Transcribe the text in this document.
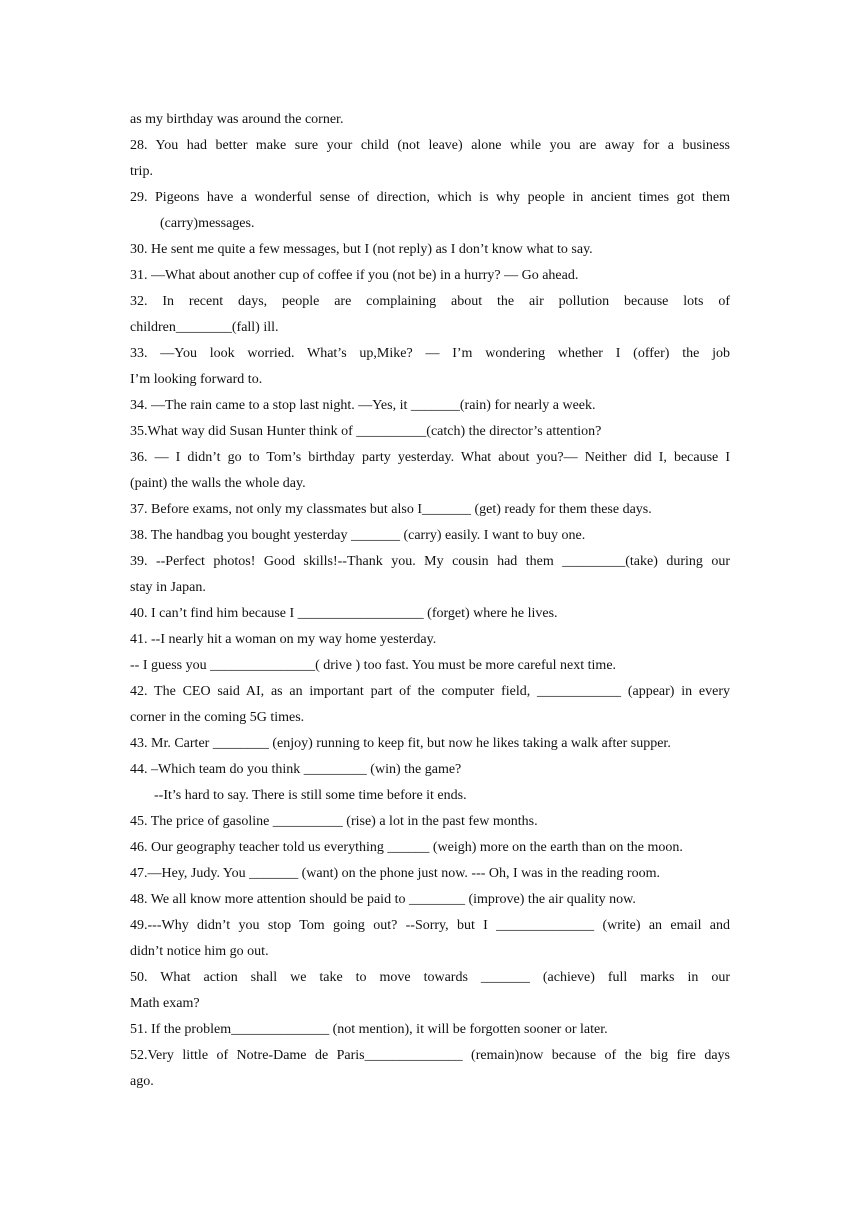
as my birthday was around the corner.
28. You had better make sure your child (not leave) alone while you are away for a business
trip.
29. Pigeons have a wonderful sense of direction, which is why people in ancient times got them
(carry)messages.
30. He sent me quite a few messages, but I (not reply) as I don’t know what to say.
31. —What about another cup of coffee if you (not be) in a hurry? — Go ahead.
32. In recent days, people are complaining about the air pollution because lots of
children________(fall) ill.
33. —You look worried. What’s up,Mike? — I’m wondering whether I (offer) the job
I’m looking forward to.
34. —The rain came to a stop last night. —Yes, it _______(rain) for nearly a week.
35.What way did Susan Hunter think of __________(catch) the director’s attention?
36. — I didn’t go to Tom’s birthday party yesterday. What about you?— Neither did I, because I
(paint) the walls the whole day.
37. Before exams, not only my classmates but also I_______ (get) ready for them these days.
38. The handbag you bought yesterday _______ (carry) easily. I want to buy one.
39. --Perfect photos! Good skills!--Thank you. My cousin had them _________(take) during our
stay in Japan.
40. I can’t find him because I __________________ (forget) where he lives.
41. --I nearly hit a woman on my way home yesterday.
-- I guess you _______________( drive ) too fast. You must be more careful next time.
42. The CEO said AI, as an important part of the computer field, ____________ (appear) in every
corner in the coming 5G times.
43. Mr. Carter ________ (enjoy) running to keep fit, but now he likes taking a walk after supper.
44. –Which team do you think _________ (win) the game?
--It’s hard to say. There is still some time before it ends.
45. The price of gasoline __________ (rise) a lot in the past few months.
46. Our geography teacher told us everything ______ (weigh) more on the earth than on the moon.
47.—Hey, Judy. You _______ (want) on the phone just now. --- Oh, I was in the reading room.
48. We all know more attention should be paid to ________ (improve) the air quality now.
49.---Why didn’t you stop Tom going out? --Sorry, but I ______________ (write) an email and
didn’t notice him go out.
50. What action shall we take to move towards _______ (achieve) full marks in our
Math exam?
51. If the problem______________ (not mention), it will be forgotten sooner or later.
52.Very little of Notre-Dame de Paris______________ (remain)now because of the big fire days
ago.
